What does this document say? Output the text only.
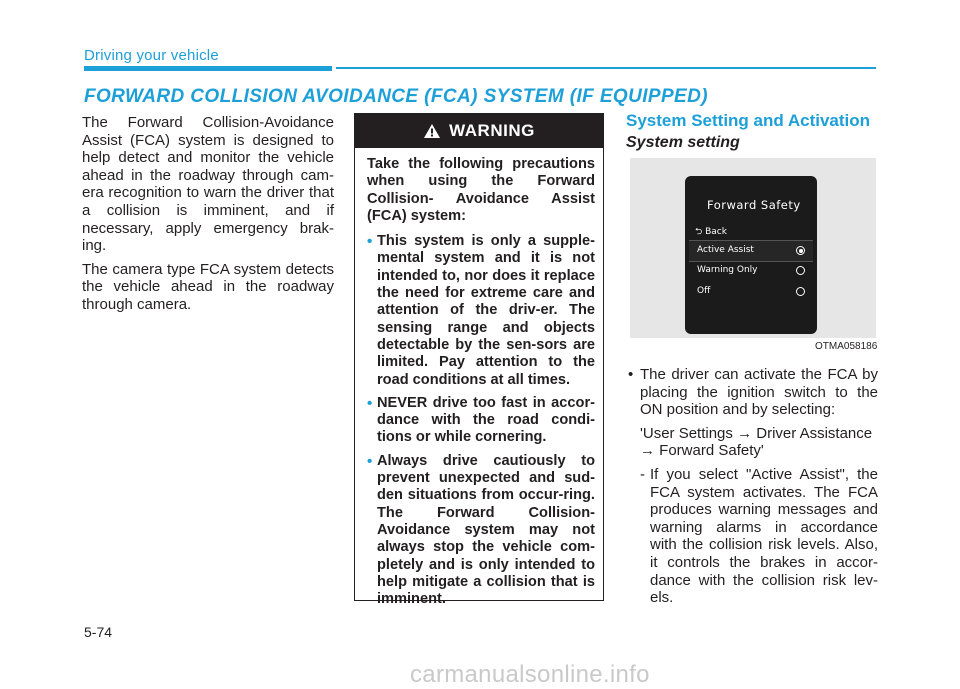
Driving your vehicle
FORWARD COLLISION AVOIDANCE (FCA) SYSTEM (IF EQUIPPED)

The Forward Collision-Avoidance Assist (FCA) system is designed to help detect and monitor the vehicle ahead in the roadway through cam-era recognition to warn the driver that a collision is imminent, and if necessary, apply emergency brak-ing.

The camera type FCA system detects the vehicle ahead in the roadway through camera.

WARNING

Take the following precautions when using the Forward Collision- Avoidance Assist (FCA) system:

• This system is only a supple-mental system and it is not intended to, nor does it replace the need for extreme care and attention of the driv-er. The sensing range and objects detectable by the sen-sors are limited. Pay attention to the road conditions at all times.
• NEVER drive too fast in accor-dance with the road condi-tions or while cornering.
• Always drive cautiously to prevent unexpected and sud-den situations from occur-ring. The Forward Collision-Avoidance system may not always stop the vehicle com-pletely and is only intended to help mitigate a collision that is imminent.
System Setting and Activation
System setting
Forward Safety
⮌ Back
Active Assist
Warning Only
Off
OTMA058186
• The driver can activate the FCA by placing the ignition switch to the ON position and by selecting:
'User Settings → Driver Assistance → Forward Safety'
- If you select "Active Assist", the FCA system activates. The FCA produces warning messages and warning alarms in accordance with the collision risk levels. Also, it controls the brakes in accor-dance with the collision risk lev-els.
5-74
carmanualsonline.info
